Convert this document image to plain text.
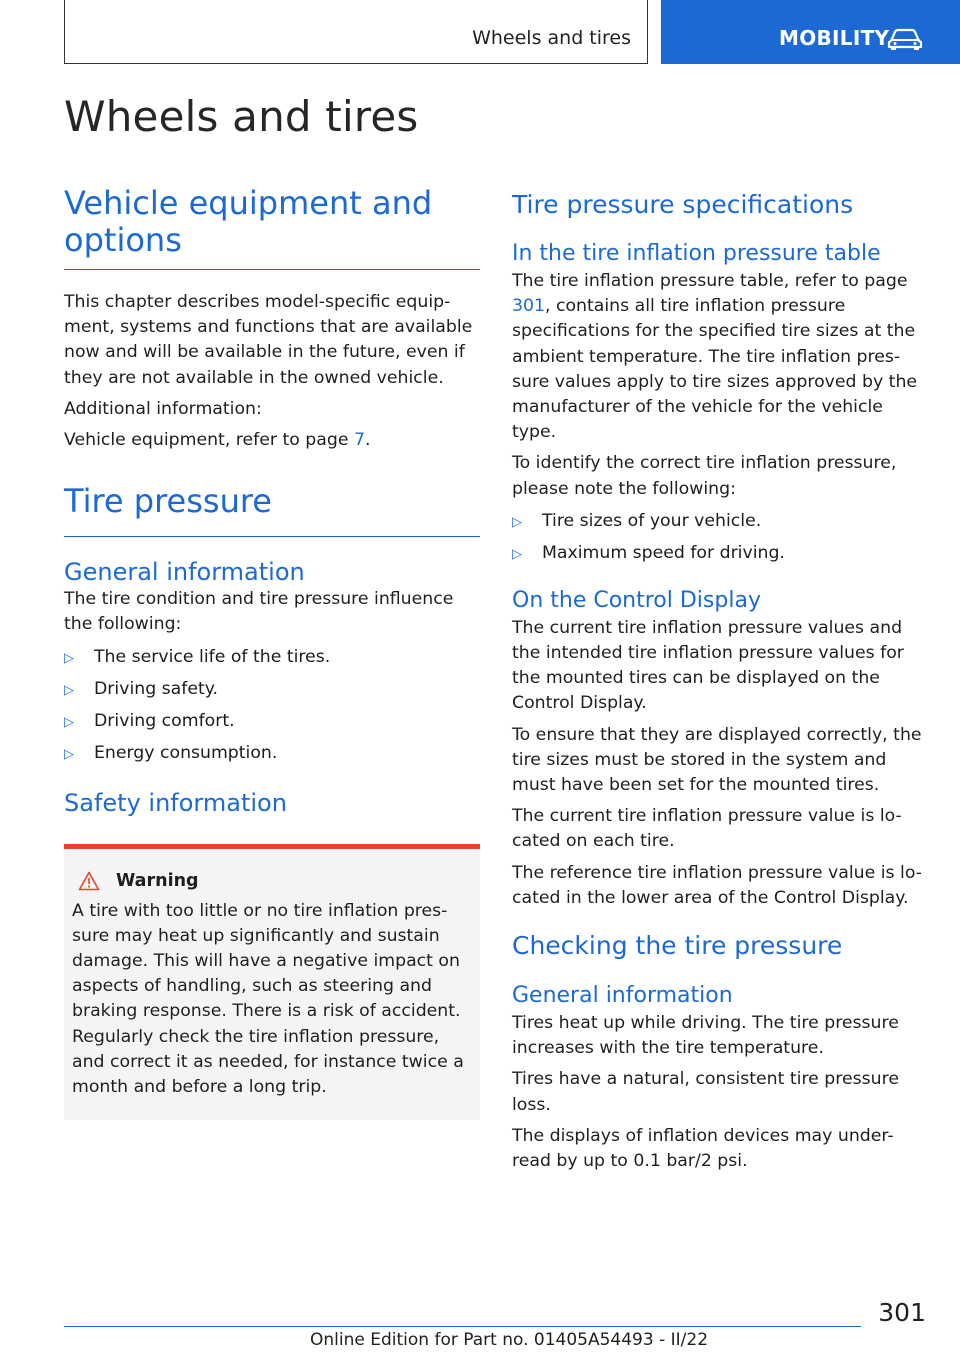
Wheels and tires	MOBILITY
Wheels and tires
Vehicle equipment and options

This chapter describes model-specific equip- ment, systems and functions that are available now and will be available in the future, even if they are not available in the owned vehicle.

Additional information:

Vehicle equipment, refer to page 7.

Tire pressure
General information

The tire condition and tire pressure influence the following:

▷ The service life of the tires.
▷ Driving safety.
▷ Driving comfort.
▷ Energy consumption.
Safety information
Warning

A tire with too little or no tire inflation pres- sure may heat up significantly and sustain damage. This will have a negative impact on aspects of handling, such as steering and braking response. There is a risk of accident. Regularly check the tire inflation pressure, and correct it as needed, for instance twice a month and before a long trip.

Tire pressure specifications
In the tire inflation pressure table

The tire inflation pressure table, refer to page 301, contains all tire inflation pressure specifications for the specified tire sizes at the ambient temperature. The tire inflation pres- sure values apply to tire sizes approved by the manufacturer of the vehicle for the vehicle type.

To identify the correct tire inflation pressure, please note the following:

▷ Tire sizes of your vehicle.
▷ Maximum speed for driving.
On the Control Display

The current tire inflation pressure values and the intended tire inflation pressure values for the mounted tires can be displayed on the Control Display.

To ensure that they are displayed correctly, the tire sizes must be stored in the system and must have been set for the mounted tires.

The current tire inflation pressure value is lo- cated on each tire.

The reference tire inflation pressure value is lo- cated in the lower area of the Control Display.

Checking the tire pressure
General information

Tires heat up while driving. The tire pressure increases with the tire temperature.

Tires have a natural, consistent tire pressure loss.

The displays of inflation devices may under- read by up to 0.1 bar/2 psi.

301
Online Edition for Part no. 01405A54493 - II/22
